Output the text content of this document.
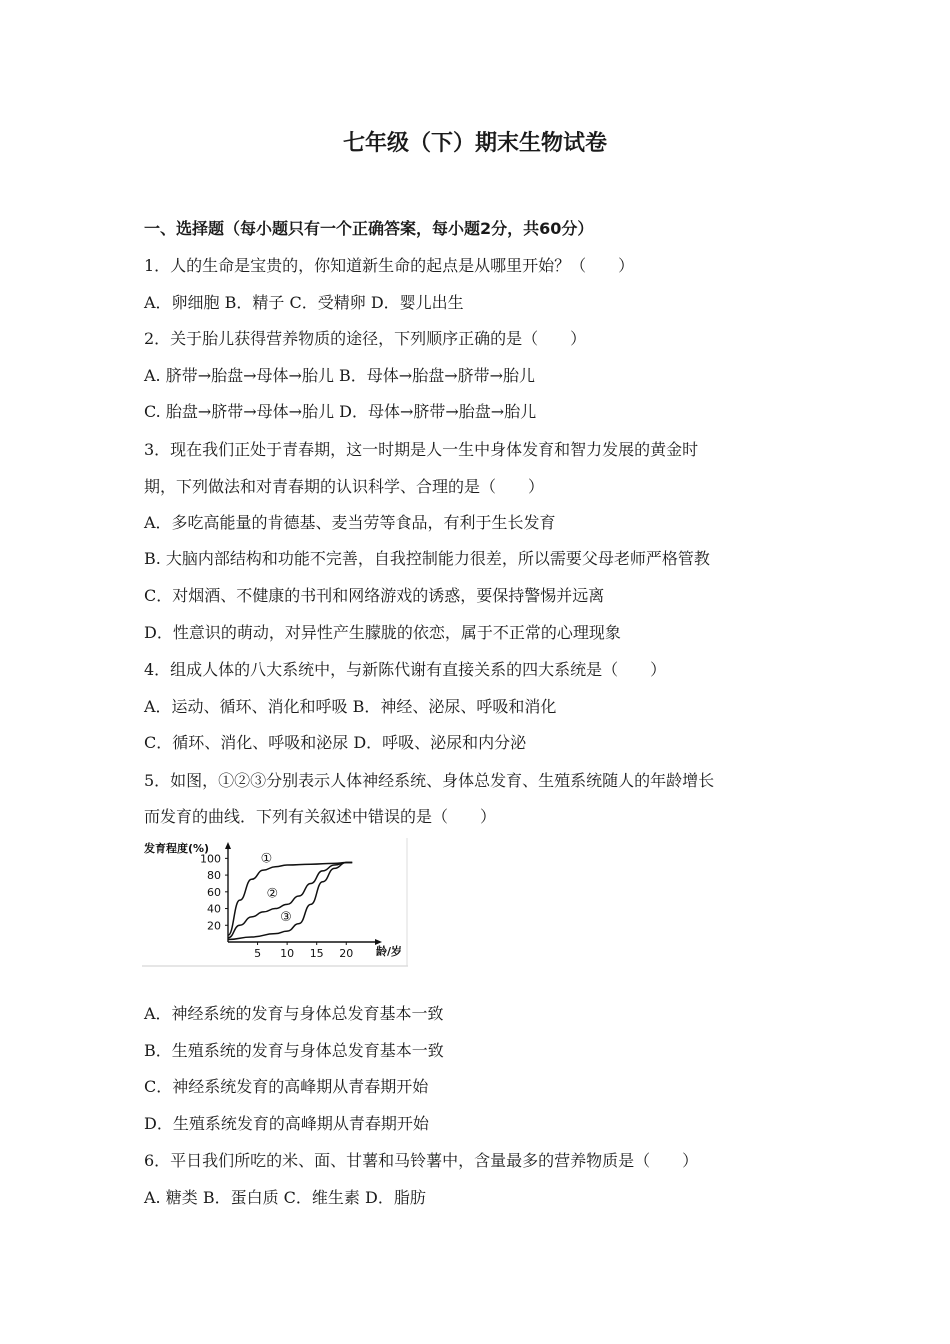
七年级（下）期末生物试卷
一、选择题（每小题只有一个正确答案，每小题2分，共60分）
1．人的生命是宝贵的，你知道新生命的起点是从哪里开始？（　　）
A．卵细胞 B．精子 C．受精卵 D．婴儿出生
2．关于胎儿获得营养物质的途径，下列顺序正确的是（　　）
A. 脐带→胎盘→母体→胎儿 B．母体→胎盘→脐带→胎儿
C. 胎盘→脐带→母体→胎儿 D．母体→脐带→胎盘→胎儿
3．现在我们正处于青春期，这一时期是人一生中身体发育和智力发展的黄金时
期，下列做法和对青春期的认识科学、合理的是（　　）
A．多吃高能量的肯德基、麦当劳等食品，有利于生长发育
B. 大脑内部结构和功能不完善，自我控制能力很差，所以需要父母老师严格管教
C．对烟酒、不健康的书刊和网络游戏的诱惑，要保持警惕并远离
D．性意识的萌动，对异性产生朦胧的依恋，属于不正常的心理现象
4．组成人体的八大系统中，与新陈代谢有直接关系的四大系统是（　　）
A．运动、循环、消化和呼吸 B．神经、泌尿、呼吸和消化
C．循环、消化、呼吸和泌尿 D．呼吸、泌尿和内分泌
5．如图，①②③分别表示人体神经系统、身体总发育、生殖系统随人的年龄增长
而发育的曲线．下列有关叙述中错误的是（　　）
发育程度(%)
龄/岁
20
40
60
80
100
5 10 15 20
①
②
③
A．神经系统的发育与身体总发育基本一致
B．生殖系统的发育与身体总发育基本一致
C．神经系统发育的高峰期从青春期开始
D．生殖系统发育的高峰期从青春期开始
6．平日我们所吃的米、面、甘薯和马铃薯中，含量最多的营养物质是（　　）
A. 糖类 B．蛋白质 C．维生素 D．脂肪
